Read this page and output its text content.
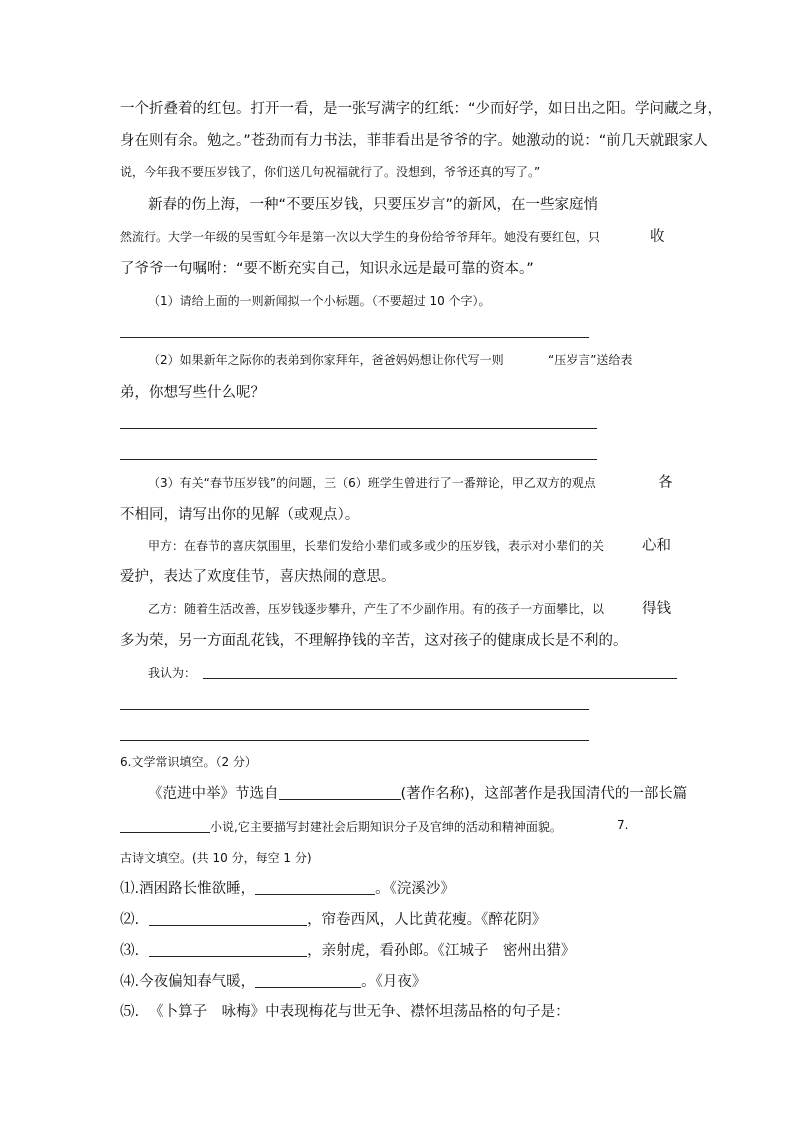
一个折叠着的红包。打开一看，是一张写满字的红纸：“少而好学，如日出之阳。学问藏之身，
身在则有余。勉之。”苍劲而有力书法，菲菲看出是爷爷的字。她激动的说：“前几天就跟家人
说，今年我不要压岁钱了，你们送几句祝福就行了。没想到，爷爷还真的写了。”
新春的伤上海，一种“不要压岁钱，只要压岁言”的新风，在一些家庭悄
然流行。大学一年级的吴雪虹今年是第一次以大学生的身份给爷爷拜年。她没有要红包，只	收
了爷爷一句嘱咐：“要不断充实自己，知识永远是最可靠的资本。”
（1）请给上面的一则新闻拟一个小标题。（不要超过 10 个字）。
（2）如果新年之际你的表弟到你家拜年，爸爸妈妈想让你代写一则	“压岁言”送给表
弟，你想写些什么呢？
（3）有关“春节压岁钱”的问题，三（6）班学生曾进行了一番辩论，甲乙双方的观点	各
不相同，请写出你的见解（或观点）。
甲方：在春节的喜庆氛围里，长辈们发给小辈们或多或少的压岁钱，表示对小辈们的关	心和
爱护，表达了欢度佳节，喜庆热闹的意思。
乙方：随着生活改善，压岁钱逐步攀升，产生了不少副作用。有的孩子一方面攀比，以	得钱
多为荣，另一方面乱花钱，不理解挣钱的辛苦，这对孩子的健康成长是不利的。
我认为：
6.文学常识填空。（2 分）
《范进中举》节选自	(著作名称)，这部著作是我国清代的一部长篇
小说,它主要描写封建社会后期知识分子及官绅的活动和精神面貌。	7.
古诗文填空。(共 10 分，每空 1 分)
⑴.酒困路长惟欲睡，	。《浣溪沙》
⑵.	，帘卷西风，人比黄花瘦。《醉花阴》
⑶.	，亲射虎，看孙郎。《江城子　密州出猎》
⑷.今夜偏知春气暖，	。《月夜》
⑸. 《卜算子　咏梅》中表现梅花与世无争、襟怀坦荡品格的句子是：
